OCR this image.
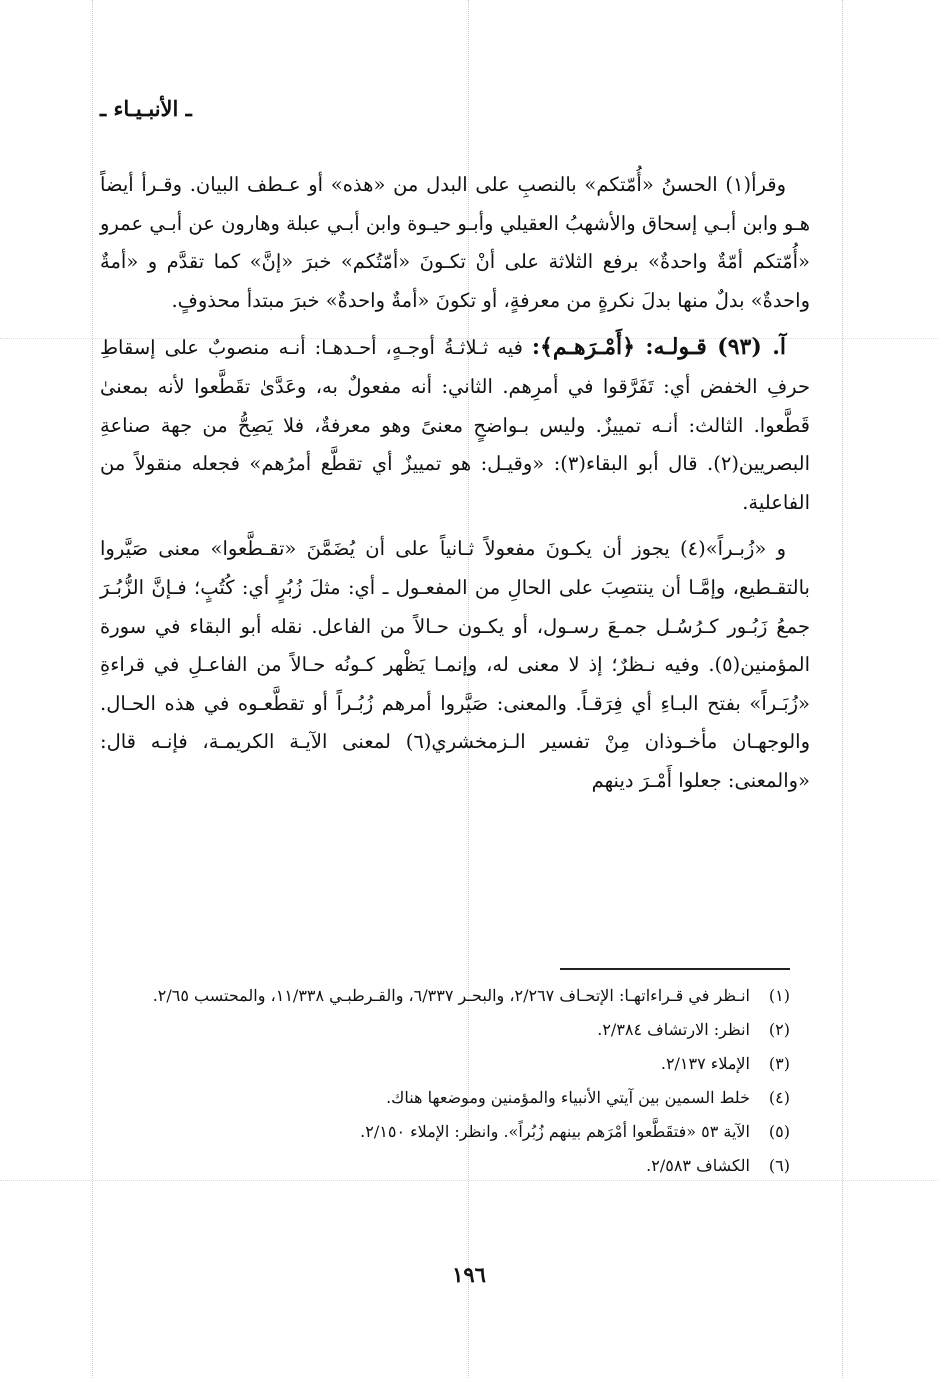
ـ الأنبـيـاء ـ

وقرأ(١) الحسنُ «أُمّتكم» بالنصبِ على البدل من «هذه» أو عـطف البيان. وقـرأ أيضاً هـو وابن أبـي إسحاق والأشهبُ العقيلي وأبـو حيـوة وابن أبـي عبلة وهارون عن أبـي عمرو «أُمّتكم أمّةٌ واحدةٌ» برفع الثلاثة على أنْ تكـونَ «أمّتُكم» خبرَ «إنَّ» كما تقدَّم و «أمةٌ واحدةٌ» بدلٌ منها بدلَ نكرةٍ من معرفةٍ، أو تكونَ «أمةٌ واحدةٌ» خبرَ مبتدأ محذوفٍ.

آ. (٩٣) قـولـه: ﴿أَمْـرَهـم﴾: فيه ثـلاثـةُ أوجـهٍ، أحـدهـا: أنـه منصوبٌ على إسقاطِ حرفِ الخفض أي: تَفَرَّقوا في أمرِهم. الثاني: أنه مفعولٌ به، وعَدَّىٰ تقَطَّعوا لأنه بمعنىٰ قَطَّعوا. الثالث: أنـه تمييزٌ. وليس بـواضحٍ معنىً وهو معرفةٌ، فلا يَصِحُّ من جهة صناعةِ البصريين(٢). قال أبو البقاء(٣): «وقيـل: هو تمييزٌ أي تقطَّع أمرُهم» فجعله منقولاً من الفاعلية.

و «زُبـراً»(٤) يجوز أن يكـونَ مفعولاً ثـانياً على أن يُضَمَّنَ «تقـطَّعوا» معنى صَيَّروا بالتقـطيع، وإمَّـا أن ينتصِبَ على الحالِ من المفعـول ـ أي: مثلَ زُبُرٍ أي: كُتُبٍ؛ فـإنَّ الزُّبُـرَ جمعُ زَبُـور كـرُسُـل جمـعَ رسـول، أو يكـون حـالاً من الفاعل. نقله أبو البقاء في سورة المؤمنين(٥). وفيه نـظرٌ؛ إذ لا معنى له، وإنمـا يَظْهر كـونُه حـالاً من الفاعـلِ في قراءةِ «زُبَـراً» بفتح البـاءِ أي فِرَقـاً. والمعنى: صَيَّروا أمرهم زُبُـراً أو تقطَّعـوه في هذه الحـال. والوجهـان مأخـوذان مِنْ تفسير الـزمخشري(٦) لمعنى الآيـة الكريمـة، فإنـه قال: «والمعنى: جعلوا أَمْـرَ دينهم

(١)
انـظر في قـراءاتهـا: الإتحـاف ٢/٢٦٧، والبحـر ٦/٣٣٧، والقـرطبـي ١١/٣٣٨، والمحتسب ٢/٦٥.
(٢)
انظر: الارتشاف ٢/٣٨٤.
(٣)
الإملاء ٢/١٣٧.
(٤)
خلط السمين بين آيتي الأنبياء والمؤمنين وموضعها هناك.
(٥)
الآية ٥٣ «فتقَطَّعوا أمْرَهم بينهم زُبُراً». وانظر: الإملاء ٢/١٥٠.
(٦)
الكشاف ٢/٥٨٣.
١٩٦
